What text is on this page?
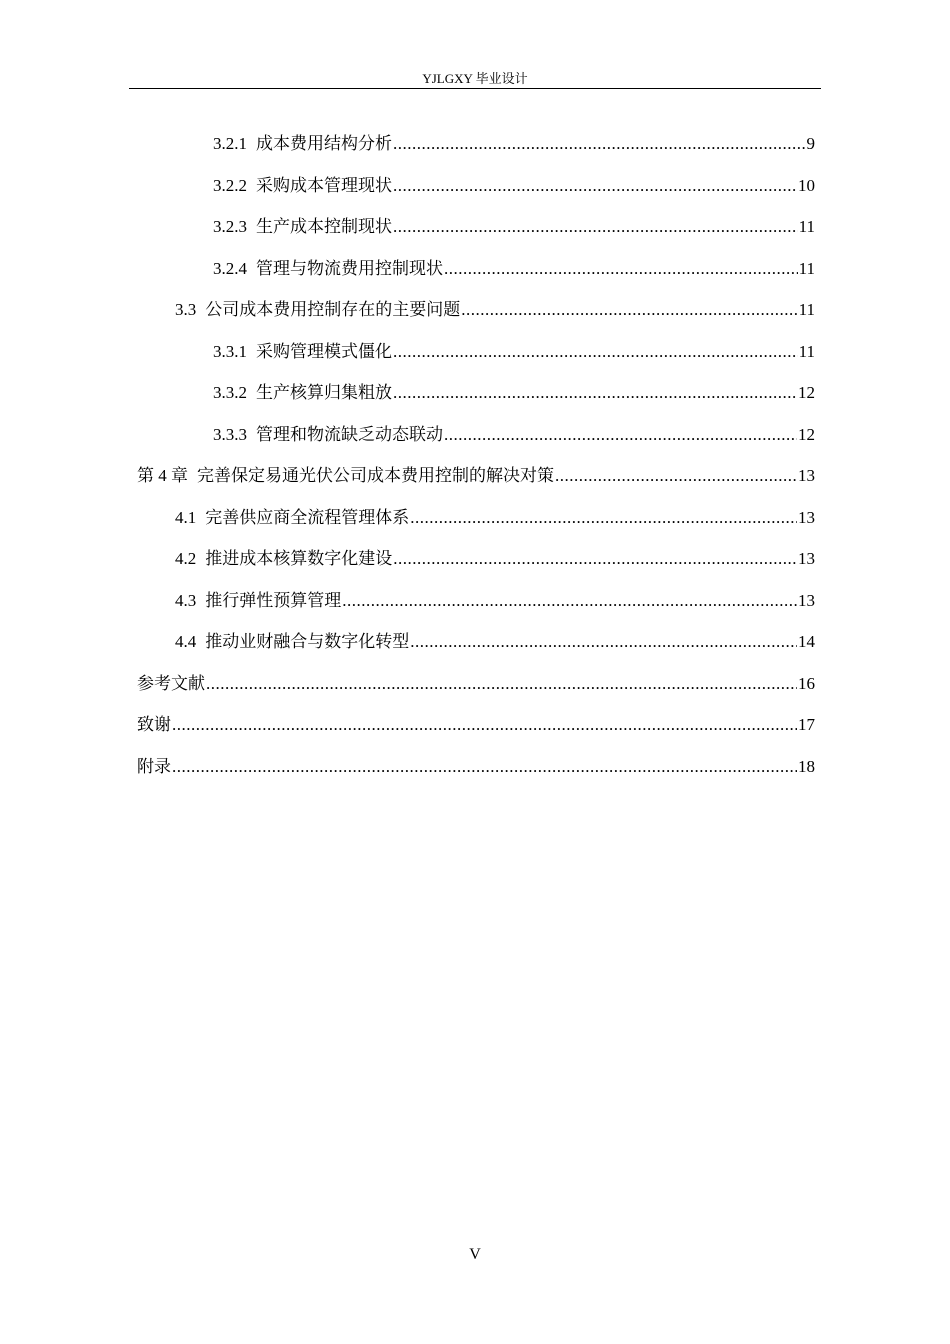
YJLGXY 毕业设计
3.2.1 成本费用结构分析 .....	9
3.2.2 采购成本管理现状 .....	10
3.2.3 生产成本控制现状 .....	11
3.2.4 管理与物流费用控制现状 .....	11
3.3 公司成本费用控制存在的主要问题 .....	11
3.3.1 采购管理模式僵化 .....	11
3.3.2 生产核算归集粗放 .....	12
3.3.3 管理和物流缺乏动态联动 .....	12
第 4 章 完善保定易通光伏公司成本费用控制的解决对策 .....	13
4.1 完善供应商全流程管理体系 .....	13
4.2 推进成本核算数字化建设 .....	13
4.3 推行弹性预算管理 .....	13
4.4 推动业财融合与数字化转型 .....	14
参考文献 .....	16
致谢 .....	17
附录 .....	18
V
